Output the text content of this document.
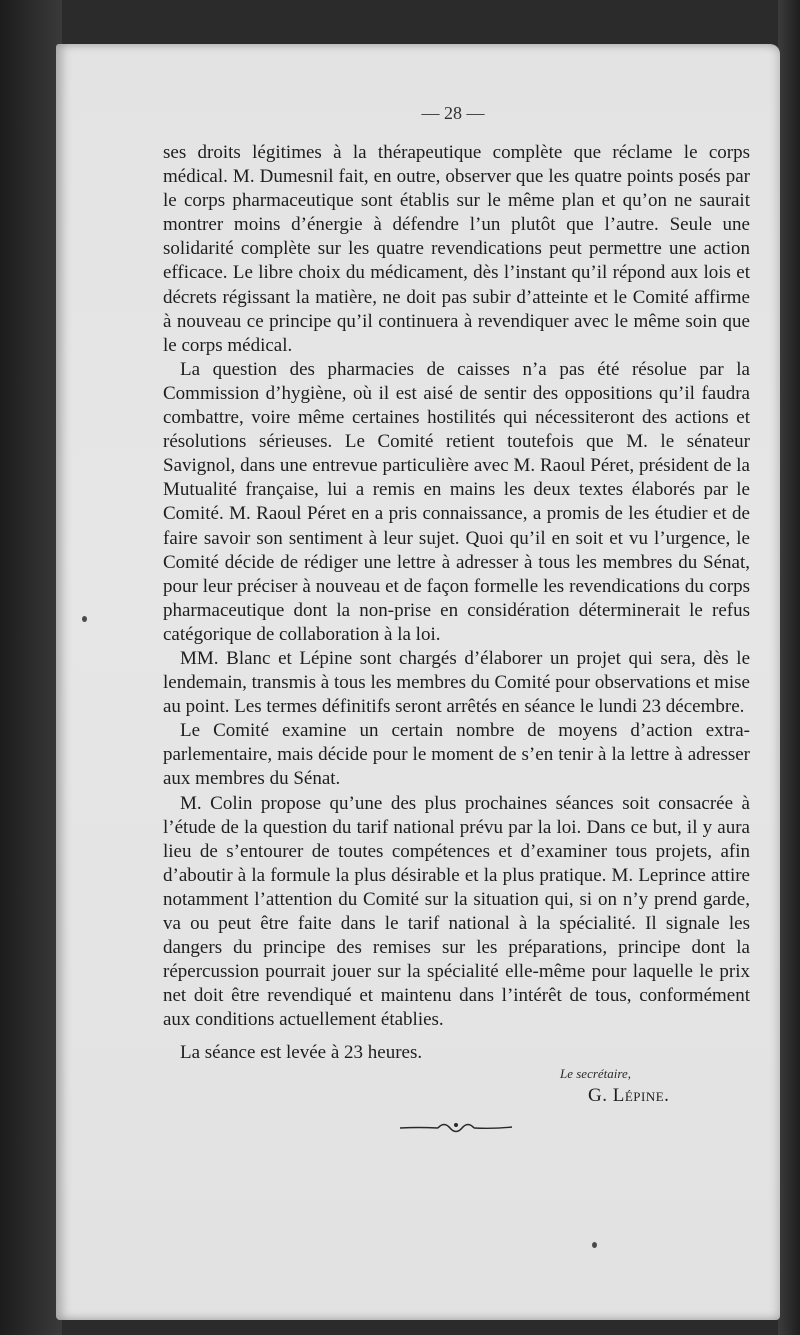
— 28 —

ses droits légitimes à la thérapeutique complète que réclame le corps médical. M. Dumesnil fait, en outre, observer que les quatre points posés par le corps pharmaceutique sont établis sur le même plan et qu’on ne saurait montrer moins d’énergie à défendre l’un plutôt que l’autre. Seule une solidarité complète sur les quatre revendications peut permettre une action efficace. Le libre choix du médicament, dès l’instant qu’il répond aux lois et décrets régissant la matière, ne doit pas subir d’atteinte et le Comité affirme à nouveau ce principe qu’il continuera à revendiquer avec le même soin que le corps médical.

La question des pharmacies de caisses n’a pas été résolue par la Commission d’hygiène, où il est aisé de sentir des oppositions qu’il faudra combattre, voire même certaines hostilités qui nécessiteront des actions et résolutions sérieuses. Le Comité retient toutefois que M. le sénateur Savignol, dans une entrevue particulière avec M. Raoul Péret, président de la Mutualité française, lui a remis en mains les deux textes élaborés par le Comité. M. Raoul Péret en a pris connaissance, a promis de les étudier et de faire savoir son sentiment à leur sujet. Quoi qu’il en soit et vu l’urgence, le Comité décide de rédiger une lettre à adresser à tous les membres du Sénat, pour leur préciser à nouveau et de façon formelle les revendications du corps pharmaceutique dont la non-prise en considération déterminerait le refus catégorique de collaboration à la loi.

MM. Blanc et Lépine sont chargés d’élaborer un projet qui sera, dès le lendemain, transmis à tous les membres du Comité pour observations et mise au point. Les termes définitifs seront arrêtés en séance le lundi 23 décembre.

Le Comité examine un certain nombre de moyens d’action extra-parlementaire, mais décide pour le moment de s’en tenir à la lettre à adresser aux membres du Sénat.

M. Colin propose qu’une des plus prochaines séances soit consacrée à l’étude de la question du tarif national prévu par la loi. Dans ce but, il y aura lieu de s’entourer de toutes compétences et d’examiner tous projets, afin d’aboutir à la formule la plus désirable et la plus pratique. M. Leprince attire notamment l’attention du Comité sur la situation qui, si on n’y prend garde, va ou peut être faite dans le tarif national à la spécialité. Il signale les dangers du principe des remises sur les préparations, principe dont la répercussion pourrait jouer sur la spécialité elle-même pour laquelle le prix net doit être revendiqué et maintenu dans l’intérêt de tous, conformément aux conditions actuellement établies.

La séance est levée à 23 heures.
Le secrétaire,
G. Lépine.
